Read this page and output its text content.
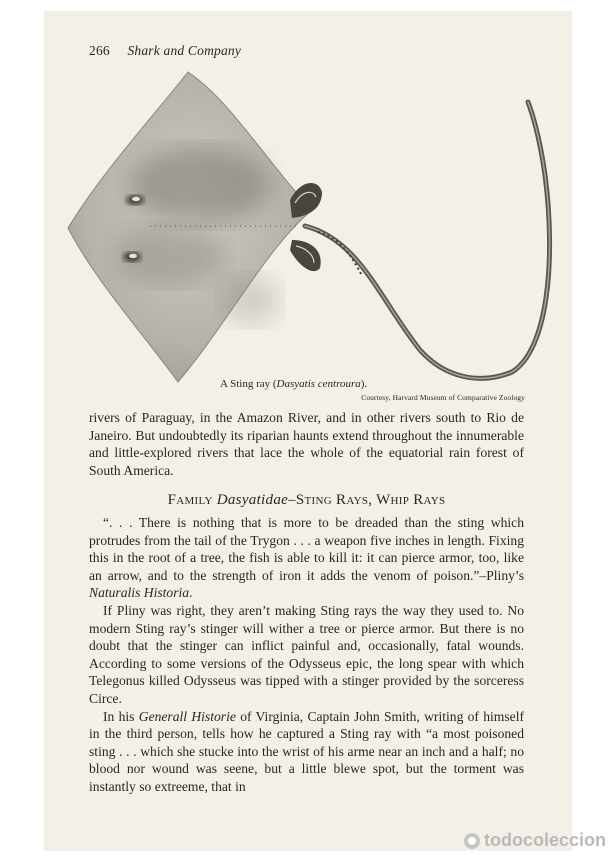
266 Shark and Company
A Sting ray (Dasyatis centroura).
Courtesy, Harvard Museum of Comparative Zoology

rivers of Paraguay, in the Amazon River, and in other rivers south to Rio de Janeiro. But undoubtedly its riparian haunts extend throughout the innumerable and little-explored rivers that lace the whole of the equatorial rain forest of South America.

Family Dasyatidae–Sting Rays, Whip Rays

“. . . There is nothing that is more to be dreaded than the sting which protrudes from the tail of the Trygon . . . a weapon five inches in length. Fixing this in the root of a tree, the fish is able to kill it: it can pierce armor, too, like an arrow, and to the strength of iron it adds the venom of poison.”–Pliny’s Naturalis Historia.

If Pliny was right, they aren’t making Sting rays the way they used to. No modern Sting ray’s stinger will wither a tree or pierce armor. But there is no doubt that the stinger can inflict painful and, occasionally, fatal wounds. According to some versions of the Odysseus epic, the long spear with which Telegonus killed Odysseus was tipped with a stinger provided by the sorceress Circe.

In his Generall Historie of Virginia, Captain John Smith, writing of himself in the third person, tells how he captured a Sting ray with “a most poisoned sting . . . which she stucke into the wrist of his arme near an inch and a half; no blood nor wound was seene, but a little blewe spot, but the torment was instantly so extreeme, that in

todocoleccion
